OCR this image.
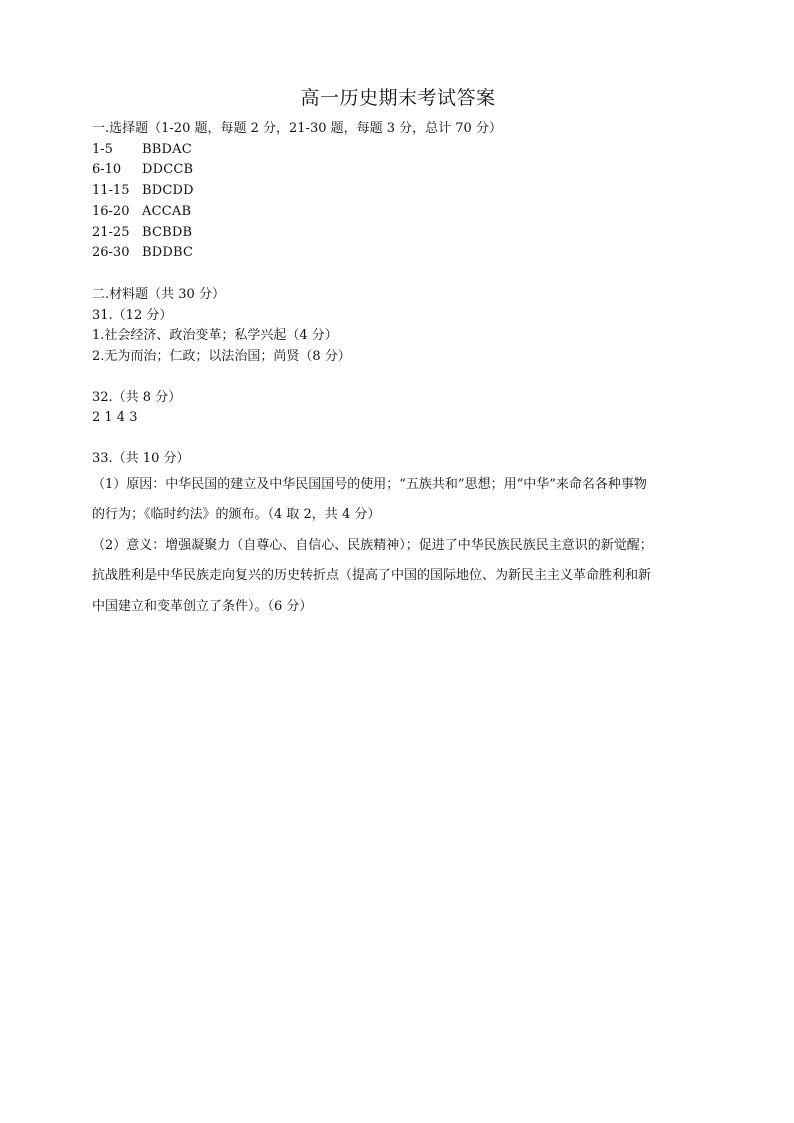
高一历史期末考试答案
一.选择题（1-20 题，每题 2 分，21-30 题，每题 3 分，总计 70 分）
1-5	BBDAC
6-10	DDCCB
11-15 BDCDD
16-20 ACCAB
21-25 BCBDB
26-30 BDDBC
二.材料题（共 30 分）
31.（12 分）
1.社会经济、政治变革；私学兴起（4 分）
2.无为而治；仁政；以法治国；尚贤（8 分）
32.（共 8 分）
2 1 4 3
33.（共 10 分）
（1）原因：中华民国的建立及中华民国国号的使用；“五族共和”思想；用“中华”来命名各种事物
的行为；《临时约法》的颁布。（4 取 2，共 4 分）
（2）意义：增强凝聚力（自尊心、自信心、民族精神）；促进了中华民族民族民主意识的新觉醒；
抗战胜利是中华民族走向复兴的历史转折点（提高了中国的国际地位、为新民主主义革命胜利和新
中国建立和变革创立了条件）。（6 分）
